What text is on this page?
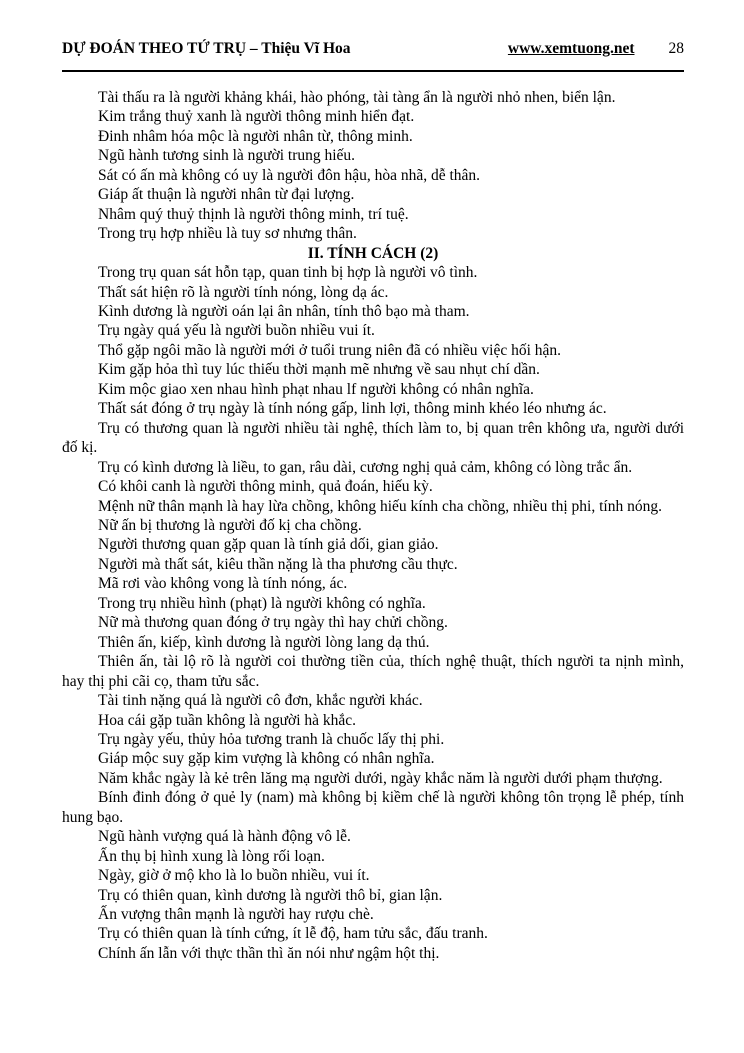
DỰ ĐOÁN THEO TỨ TRỤ – Thiệu Vĩ Hoa	www.xemtuong.net 28

Tài thấu ra là người khảng khái, hào phóng, tài tàng ẩn là người nhỏ nhen, biển lận.

Kim trắng thuỷ xanh là người thông minh hiển đạt.

Đinh nhâm hóa mộc là người nhân từ, thông minh.

Ngũ hành tương sinh là người trung hiếu.

Sát có ấn mà không có uy là người đôn hậu, hòa nhã, dễ thân.

Giáp ất thuận là người nhân từ đại lượng.

Nhâm quý thuỷ thịnh là người thông minh, trí tuệ.

Trong trụ hợp nhiều là tuy sơ nhưng thân.

II. TÍNH CÁCH (2)

Trong trụ quan sát hỗn tạp, quan tinh bị hợp là người vô tình.

Thất sát hiện rõ là người tính nóng, lòng dạ ác.

Kình dương là người oán lại ân nhân, tính thô bạo mà tham.

Trụ ngày quá yếu là người buồn nhiều vui ít.

Thổ gặp ngôi mão là người mới ở tuổi trung niên đã có nhiều việc hối hận.

Kim gặp hỏa thì tuy lúc thiếu thời mạnh mẽ nhưng về sau nhụt chí dần.

Kim mộc giao xen nhau hình phạt nhau lf người không có nhân nghĩa.

Thất sát đóng ở trụ ngày là tính nóng gấp, linh lợi, thông minh khéo léo nhưng ác.

Trụ có thương quan là người nhiều tài nghệ, thích làm to, bị quan trên không ưa, người dưới đố kị.

Trụ có kình dương là liều, to gan, râu dài, cương nghị quả cảm, không có lòng trắc ẩn.

Có khôi canh là người thông minh, quả đoán, hiếu kỳ.

Mệnh nữ thân mạnh là hay lừa chồng, không hiếu kính cha chồng, nhiều thị phi, tính nóng.

Nữ ấn bị thương là người đố kị cha chồng.

Người thương quan gặp quan là tính giả dối, gian giảo.

Người mà thất sát, kiêu thần nặng là tha phương cầu thực.

Mã rơi vào không vong là tính nóng, ác.

Trong trụ nhiều hình (phạt) là người không có nghĩa.

Nữ mà thương quan đóng ở trụ ngày thì hay chửi chồng.

Thiên ấn, kiếp, kình dương là người lòng lang dạ thú.

Thiên ấn, tài lộ rõ là người coi thường tiền của, thích nghệ thuật, thích người ta nịnh mình, hay thị phi cãi cọ, tham tửu sắc.

Tài tinh nặng quá là người cô đơn, khắc người khác.

Hoa cái gặp tuần không là người hà khắc.

Trụ ngày yếu, thủy hỏa tương tranh là chuốc lấy thị phi.

Giáp mộc suy gặp kim vượng là không có nhân nghĩa.

Năm khắc ngày là kẻ trên lăng mạ người dưới, ngày khắc năm là người dưới phạm thượng.

Bính đinh đóng ở quẻ ly (nam) mà không bị kiềm chế là người không tôn trọng lễ phép, tính hung bạo.

Ngũ hành vượng quá là hành động vô lễ.

Ấn thụ bị hình xung là lòng rối loạn.

Ngày, giờ ở mộ kho là lo buồn nhiều, vui ít.

Trụ có thiên quan, kình dương là người thô bỉ, gian lận.

Ấn vượng thân mạnh là người hay rượu chè.

Trụ có thiên quan là tính cứng, ít lễ độ, ham tửu sắc, đấu tranh.

Chính ấn lẫn với thực thần thì ăn nói như ngậm hột thị.
